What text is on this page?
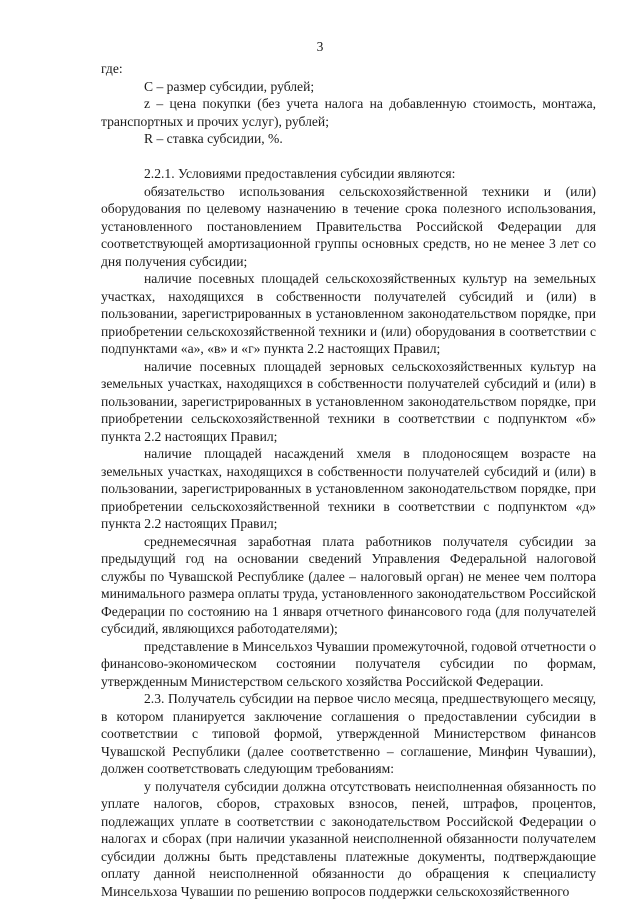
3

где:

C – размер субсидии, рублей;

z – цена покупки (без учета налога на добавленную стоимость, монтажа, транспортных и прочих услуг), рублей;

R – ставка субсидии, %.

2.2.1. Условиями предоставления субсидии являются:

обязательство использования сельскохозяйственной техники и (или) оборудования по целевому назначению в течение срока полезного использования, установленного постановлением Правительства Российской Федерации для соответствующей амортизационной группы основных средств, но не менее 3 лет со дня получения субсидии;

наличие посевных площадей сельскохозяйственных культур на земельных участках, находящихся в собственности получателей субсидий и (или) в пользовании, зарегистрированных в установленном законодательством порядке, при приобретении сельскохозяйственной техники и (или) оборудования в соответствии с подпунктами «а», «в» и «г» пункта 2.2 настоящих Правил;

наличие посевных площадей зерновых сельскохозяйственных культур на земельных участках, находящихся в собственности получателей субсидий и (или) в пользовании, зарегистрированных в установленном законодательством порядке, при приобретении сельскохозяйственной техники в соответствии с подпунктом «б» пункта 2.2 настоящих Правил;

наличие площадей насаждений хмеля в плодоносящем возрасте на земельных участках, находящихся в собственности получателей субсидий и (или) в пользовании, зарегистрированных в установленном законодательством порядке, при приобретении сельскохозяйственной техники в соответствии с подпунктом «д» пункта 2.2 настоящих Правил;

среднемесячная заработная плата работников получателя субсидии за предыдущий год на основании сведений Управления Федеральной налоговой службы по Чувашской Республике (далее – налоговый орган) не менее чем полтора минимального размера оплаты труда, установленного законодательством Российской Федерации по состоянию на 1 января отчетного финансового года (для получателей субсидий, являющихся работодателями);

представление в Минсельхоз Чувашии промежуточной, годовой отчетности о финансово-экономическом состоянии получателя субсидии по формам, утвержденным Министерством сельского хозяйства Российской Федерации.

2.3. Получатель субсидии на первое число месяца, предшествующего месяцу, в котором планируется заключение соглашения о предоставлении субсидии в соответствии с типовой формой, утвержденной Министерством финансов Чувашской Республики (далее соответственно – соглашение, Минфин Чувашии), должен соответствовать следующим требованиям:

у получателя субсидии должна отсутствовать неисполненная обязанность по уплате налогов, сборов, страховых взносов, пеней, штрафов, процентов, подлежащих уплате в соответствии с законодательством Российской Федерации о налогах и сборах (при наличии указанной неисполненной обязанности получателем субсидии должны быть представлены платежные документы, подтверждающие оплату данной неисполненной обязанности до обращения к специалисту Минсельхоза Чувашии по решению вопросов поддержки сельскохозяйственного
